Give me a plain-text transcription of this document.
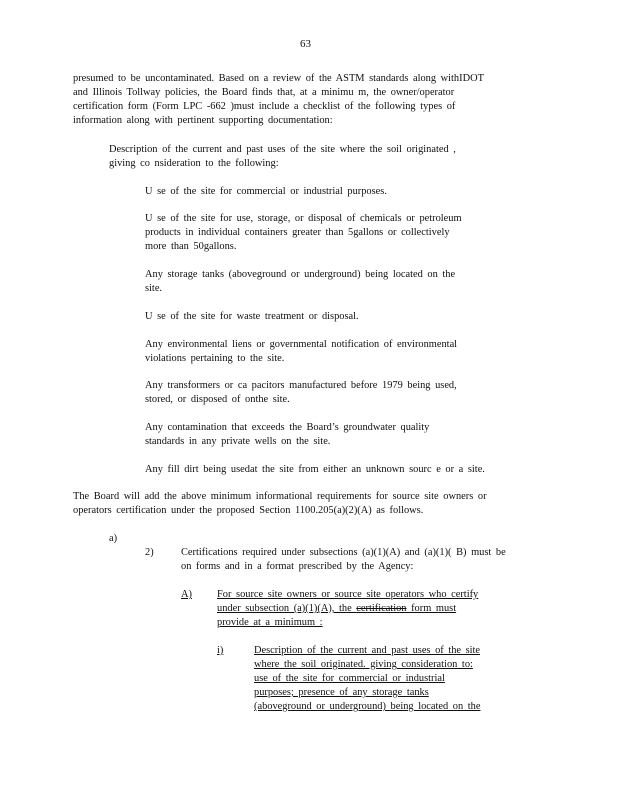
63
presumed to be uncontaminated. Based on a review of the ASTM standards along withIDOT
and Illinois Tollway policies, the Board finds that, at a minimu m, the owner/operator
certification form (Form LPC -662 )must include a checklist of the following types of
information along with pertinent supporting documentation:
Description of the current and past uses of the site where the soil originated ,
giving co nsideration to the following:
U se of the site for commercial or industrial purposes.
U se of the site for use, storage, or disposal of chemicals or petroleum
products in individual containers greater than 5gallons or collectively
more than 50gallons.
Any storage tanks (aboveground or underground) being located on the
site.
U se of the site for waste treatment or disposal.
Any environmental liens or governmental notification of environmental
violations pertaining to the site.
Any transformers or ca pacitors manufactured before 1979 being used,
stored, or disposed of onthe site.
Any contamination that exceeds the Board’s groundwater quality
standards in any private wells on the site.
Any fill dirt being usedat the site from either an unknown sourc e or a site.
The Board will add the above minimum informational requirements for source site owners or
operators certification under the proposed Section 1100.205(a)(2)(A) as follows.
a)
2)	Certifications required under subsections (a)(1)(A) and (a)(1)( B) must be
on forms and in a format prescribed by the Agency:
A) For source site owners or source site operators who certify
under subsection (a)(1)(A), the certification form must
provide at a minimum :
i)	Description of the current and past uses of the site
where the soil originated. giving consideration to:
use of the site for commercial or industrial
purposes; presence of any storage tanks
(aboveground or underground) being located on the
